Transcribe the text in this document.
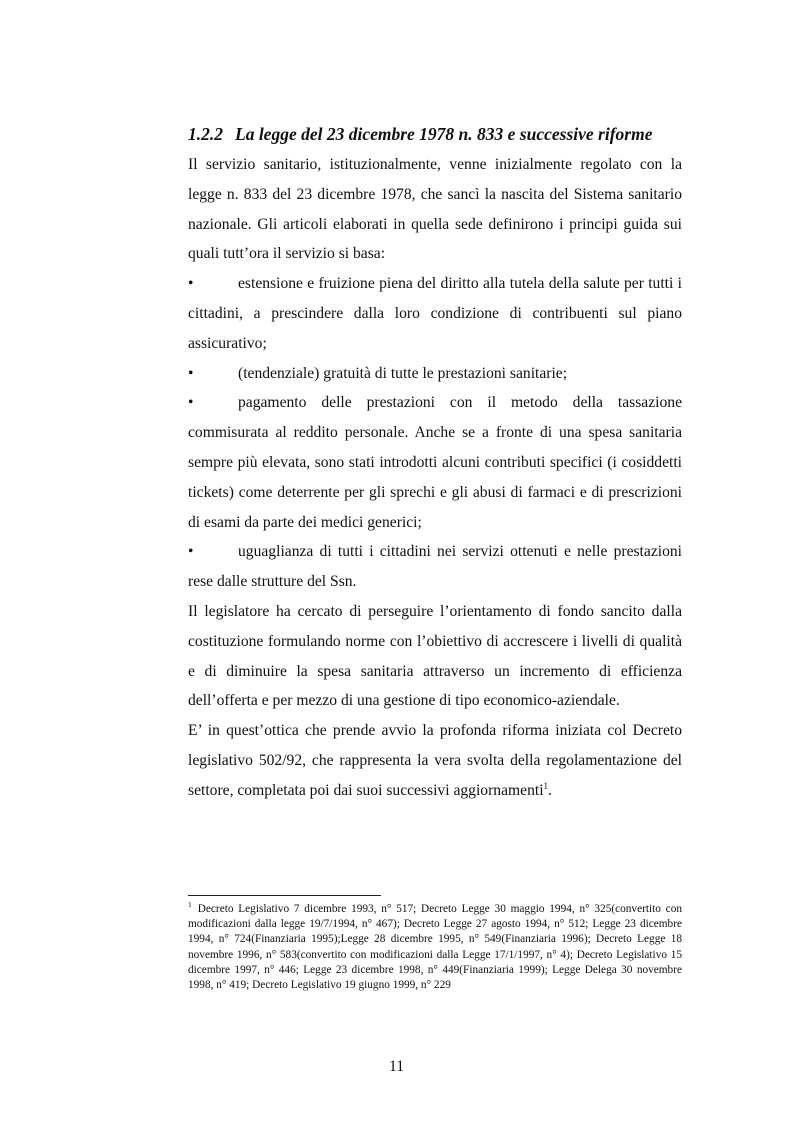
1.2.2 La legge del 23 dicembre 1978 n. 833 e successive riforme

Il servizio sanitario, istituzionalmente, venne inizialmente regolato con la legge n. 833 del 23 dicembre 1978, che sancì la nascita del Sistema sanitario nazionale. Gli articoli elaborati in quella sede definirono i principi guida sui quali tutt’ora il servizio si basa:

•	estensione e fruizione piena del diritto alla tutela della salute per tutti i cittadini, a prescindere dalla loro condizione di contribuenti sul piano assicurativo;

•	(tendenziale) gratuità di tutte le prestazioni sanitarie;

•	pagamento delle prestazioni con il metodo della tassazione commisurata al reddito personale. Anche se a fronte di una spesa sanitaria sempre più elevata, sono stati introdotti alcuni contributi specifici (i cosiddetti tickets) come deterrente per gli sprechi e gli abusi di farmaci e di prescrizioni di esami da parte dei medici generici;

•	uguaglianza di tutti i cittadini nei servizi ottenuti e nelle prestazioni rese dalle strutture del Ssn.

Il legislatore ha cercato di perseguire l’orientamento di fondo sancito dalla costituzione formulando norme con l’obiettivo di accrescere i livelli di qualità e di diminuire la spesa sanitaria attraverso un incremento di efficienza dell’offerta e per mezzo di una gestione di tipo economico-aziendale.

E’ in quest’ottica che prende avvio la profonda riforma iniziata col Decreto legislativo 502/92, che rappresenta la vera svolta della regolamentazione del settore, completata poi dai suoi successivi aggiornamenti$^1$.

$^1$ Decreto Legislativo 7 dicembre 1993, n° 517; Decreto Legge 30 maggio 1994, n° 325(convertito con modificazioni dalla legge 19/7/1994, n° 467); Decreto Legge 27 agosto 1994, n° 512; Legge 23 dicembre 1994, n° 724(Finanziaria 1995);Legge 28 dicembre 1995, n° 549(Finanziaria 1996); Decreto Legge 18 novembre 1996, n° 583(convertito con modificazioni dalla Legge 17/1/1997, n° 4); Decreto Legislativo 15 dicembre 1997, n° 446; Legge 23 dicembre 1998, n° 449(Finanziaria 1999); Legge Delega 30 novembre 1998, n° 419; Decreto Legislativo 19 giugno 1999, n° 229

11
